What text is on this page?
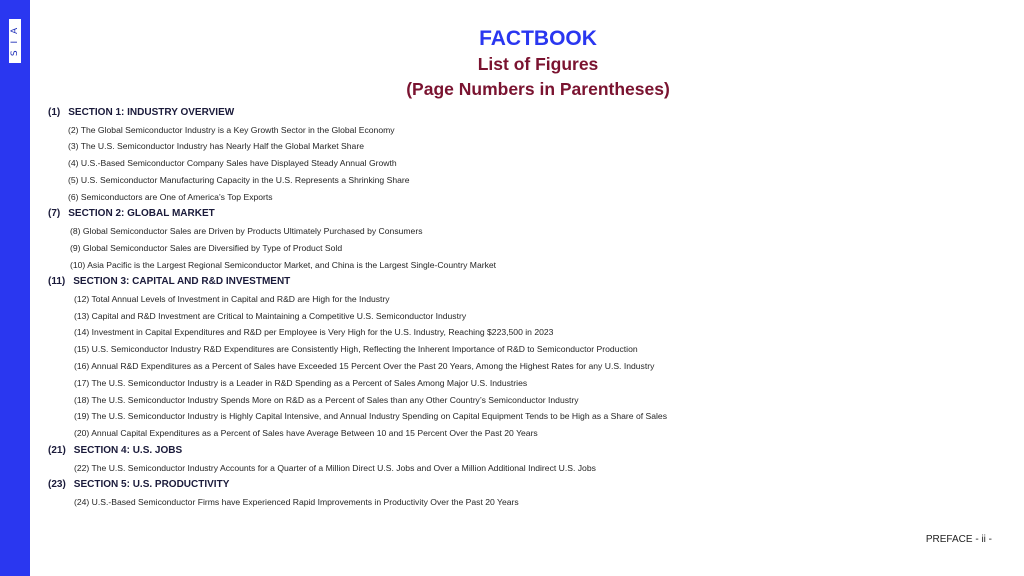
S I A	FACTBOOK
List of Figures
(Page Numbers in Parentheses)
(1) SECTION 1: INDUSTRY OVERVIEW
(2) The Global Semiconductor Industry is a Key Growth Sector in the Global Economy
(3) The U.S. Semiconductor Industry has Nearly Half the Global Market Share
(4) U.S.-Based Semiconductor Company Sales have Displayed Steady Annual Growth
(5) U.S. Semiconductor Manufacturing Capacity in the U.S. Represents a Shrinking Share
(6) Semiconductors are One of America’s Top Exports
(7) SECTION 2: GLOBAL MARKET
(8) Global Semiconductor Sales are Driven by Products Ultimately Purchased by Consumers
(9) Global Semiconductor Sales are Diversified by Type of Product Sold
(10) Asia Pacific is the Largest Regional Semiconductor Market, and China is the Largest Single-Country Market
(11) SECTION 3: CAPITAL AND R&D INVESTMENT
(12) Total Annual Levels of Investment in Capital and R&D are High for the Industry
(13) Capital and R&D Investment are Critical to Maintaining a Competitive U.S. Semiconductor Industry
(14) Investment in Capital Expenditures and R&D per Employee is Very High for the U.S. Industry, Reaching $223,500 in 2023
(15) U.S. Semiconductor Industry R&D Expenditures are Consistently High, Reflecting the Inherent Importance of R&D to Semiconductor Production
(16) Annual R&D Expenditures as a Percent of Sales have Exceeded 15 Percent Over the Past 20 Years, Among the Highest Rates for any U.S. Industry
(17) The U.S. Semiconductor Industry is a Leader in R&D Spending as a Percent of Sales Among Major U.S. Industries
(18) The U.S. Semiconductor Industry Spends More on R&D as a Percent of Sales than any Other Country’s Semiconductor Industry
(19) The U.S. Semiconductor Industry is Highly Capital Intensive, and Annual Industry Spending on Capital Equipment Tends to be High as a Share of Sales
(20) Annual Capital Expenditures as a Percent of Sales have Average Between 10 and 15 Percent Over the Past 20 Years
(21) SECTION 4: U.S. JOBS
(22) The U.S. Semiconductor Industry Accounts for a Quarter of a Million Direct U.S. Jobs and Over a Million Additional Indirect U.S. Jobs
(23) SECTION 5: U.S. PRODUCTIVITY
(24) U.S.-Based Semiconductor Firms have Experienced Rapid Improvements in Productivity Over the Past 20 Years
PREFACE - ii -
